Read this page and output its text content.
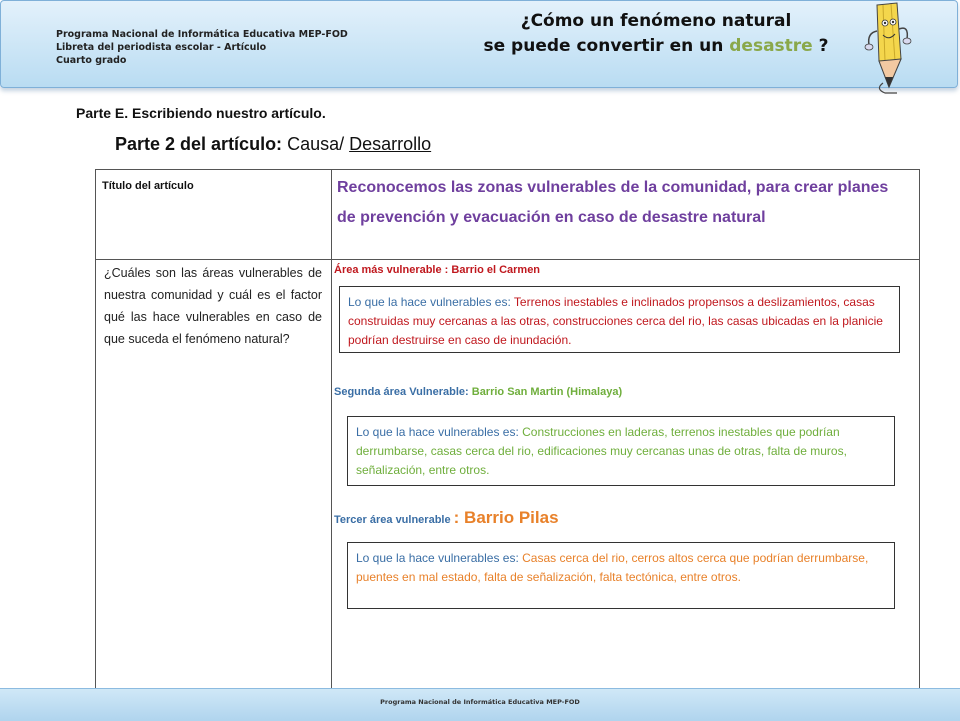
Programa Nacional de Informática Educativa MEP-FOD
Libreta del periodista escolar - Artículo
Cuarto grado
¿Cómo un fenómeno natural
se puede convertir en un desastre ?
Parte E. Escribiendo nuestro artículo.
Parte 2 del artículo: Causa/ Desarrollo
Título del artículo	Reconocemos las zonas vulnerables de la comunidad, para crear planes de prevención y evacuación en caso de desastre natural
¿Cuáles son las áreas vulnerables de nuestra comunidad y cuál es el factor qué las hace vulnerables en caso de que suceda el fenómeno natural?
Área más vulnerable : Barrio el Carmen
Lo que la hace vulnerables es: Terrenos inestables e inclinados propensos a deslizamientos, casas construidas muy cercanas a las otras, construcciones cerca del rio, las casas ubicadas en la planicie podrían destruirse en caso de inundación.
Segunda área Vulnerable: Barrio San Martin (Himalaya)
Lo que la hace vulnerables es: Construcciones en laderas, terrenos inestables que podrían derrumbarse, casas cerca del rio, edificaciones muy cercanas unas de otras, falta de muros, señalización, entre otros.
Tercer área vulnerable : Barrio Pilas
Lo que la hace vulnerables es: Casas cerca del rio, cerros altos cerca que podrían derrumbarse, puentes en mal estado, falta de señalización, falta tectónica, entre otros.
Programa Nacional de Informática Educativa MEP-FOD
